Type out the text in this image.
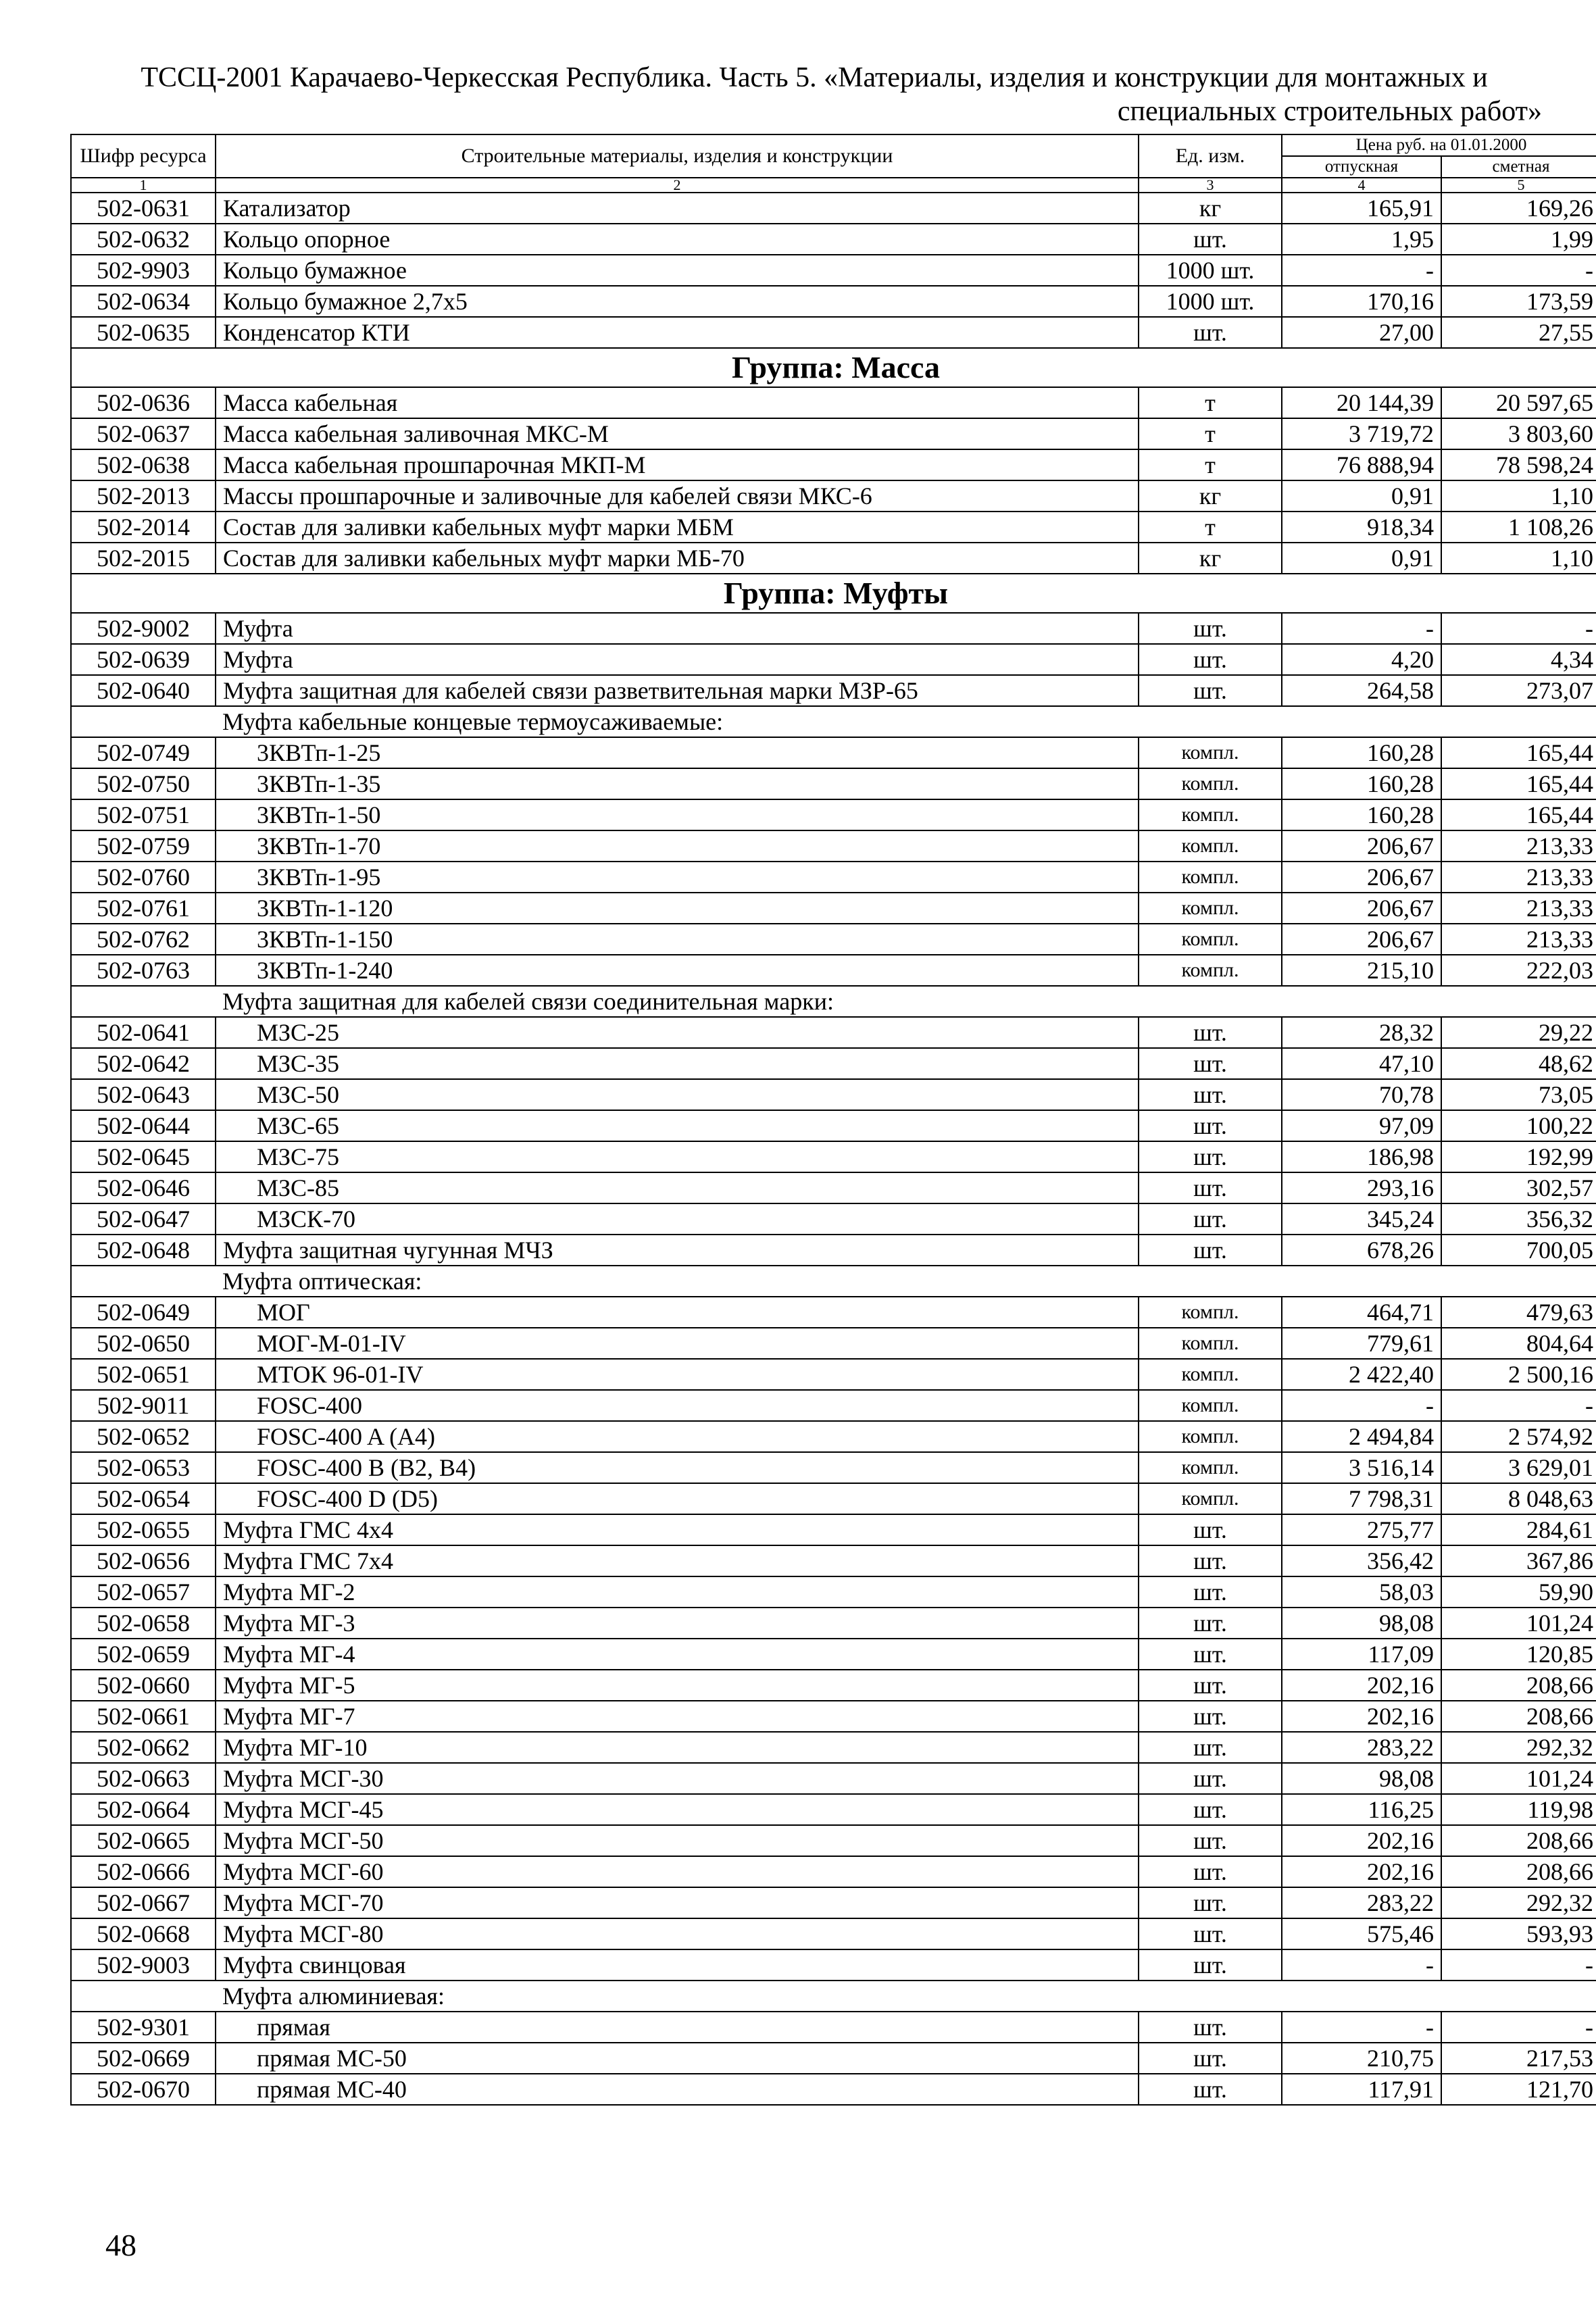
ТССЦ-2001 Карачаево-Черкесская Республика. Часть 5. «Материалы, изделия и конструкции для монтажных и
специальных строительных работ»
Шифр ресурса	Строительные материалы, изделия и конструкции	Ед. изм.	Цена руб. на 01.01.2000	
			отпускная	сметная
1	2	3	4	5
502-0631	Катализатор	кг	165,91	169,26
502-0632	Кольцо опорное	шт.	1,95	1,99
502-9903	Кольцо бумажное	1000 шт.	-	-
502-0634	Кольцо бумажное 2,7х5	1000 шт.	170,16	173,59
502-0635	Конденсатор КТИ	шт.	27,00	27,55
Группа: Масса				
502-0636	Масса кабельная	т	20 144,39	20 597,65
502-0637	Масса кабельная заливочная МКС-М	т	3 719,72	3 803,60
502-0638	Масса кабельная прошпарочная МКП-М	т	76 888,94	78 598,24
502-2013	Массы прошпарочные и заливочные для кабелей связи МКС-6	кг	0,91	1,10
502-2014	Состав для заливки кабельных муфт марки МБМ	т	918,34	1 108,26
502-2015	Состав для заливки кабельных муфт марки МБ-70	кг	0,91	1,10
Группа: Муфты				
502-9002	Муфта	шт.	-	-
502-0639	Муфта	шт.	4,20	4,34
502-0640	Муфта защитная для кабелей связи разветвительная марки МЗР-65	шт.	264,58	273,07
	Муфта кабельные концевые термоусаживаемые:			
502-0749	3КВТп-1-25	компл.	160,28	165,44
502-0750	3КВТп-1-35	компл.	160,28	165,44
502-0751	3КВТп-1-50	компл.	160,28	165,44
502-0759	3КВТп-1-70	компл.	206,67	213,33
502-0760	3КВТп-1-95	компл.	206,67	213,33
502-0761	3КВТп-1-120	компл.	206,67	213,33
502-0762	3КВТп-1-150	компл.	206,67	213,33
502-0763	3КВТп-1-240	компл.	215,10	222,03
	Муфта защитная для кабелей связи соединительная марки:			
502-0641	МЗС-25	шт.	28,32	29,22
502-0642	МЗС-35	шт.	47,10	48,62
502-0643	МЗС-50	шт.	70,78	73,05
502-0644	МЗС-65	шт.	97,09	100,22
502-0645	МЗС-75	шт.	186,98	192,99
502-0646	МЗС-85	шт.	293,16	302,57
502-0647	МЗСК-70	шт.	345,24	356,32
502-0648	Муфта защитная чугунная МЧЗ	шт.	678,26	700,05
	Муфта оптическая:			
502-0649	МОГ	компл.	464,71	479,63
502-0650	МОГ-М-01-IV	компл.	779,61	804,64
502-0651	МТОК 96-01-IV	компл.	2 422,40	2 500,16
502-9011	FOSC-400	компл.	-	-
502-0652	FOSC-400 A (A4)	компл.	2 494,84	2 574,92
502-0653	FOSC-400 B (B2, B4)	компл.	3 516,14	3 629,01
502-0654	FOSC-400 D (D5)	компл.	7 798,31	8 048,63
502-0655	Муфта ГМС 4х4	шт.	275,77	284,61
502-0656	Муфта ГМС 7х4	шт.	356,42	367,86
502-0657	Муфта МГ-2	шт.	58,03	59,90
502-0658	Муфта МГ-3	шт.	98,08	101,24
502-0659	Муфта МГ-4	шт.	117,09	120,85
502-0660	Муфта МГ-5	шт.	202,16	208,66
502-0661	Муфта МГ-7	шт.	202,16	208,66
502-0662	Муфта МГ-10	шт.	283,22	292,32
502-0663	Муфта МСГ-30	шт.	98,08	101,24
502-0664	Муфта МСГ-45	шт.	116,25	119,98
502-0665	Муфта МСГ-50	шт.	202,16	208,66
502-0666	Муфта МСГ-60	шт.	202,16	208,66
502-0667	Муфта МСГ-70	шт.	283,22	292,32
502-0668	Муфта МСГ-80	шт.	575,46	593,93
502-9003	Муфта свинцовая	шт.	-	-
	Муфта алюминиевая:			
502-9301	прямая	шт.	-	-
502-0669	прямая МС-50	шт.	210,75	217,53
502-0670	прямая МС-40	шт.	117,91	121,70
48
